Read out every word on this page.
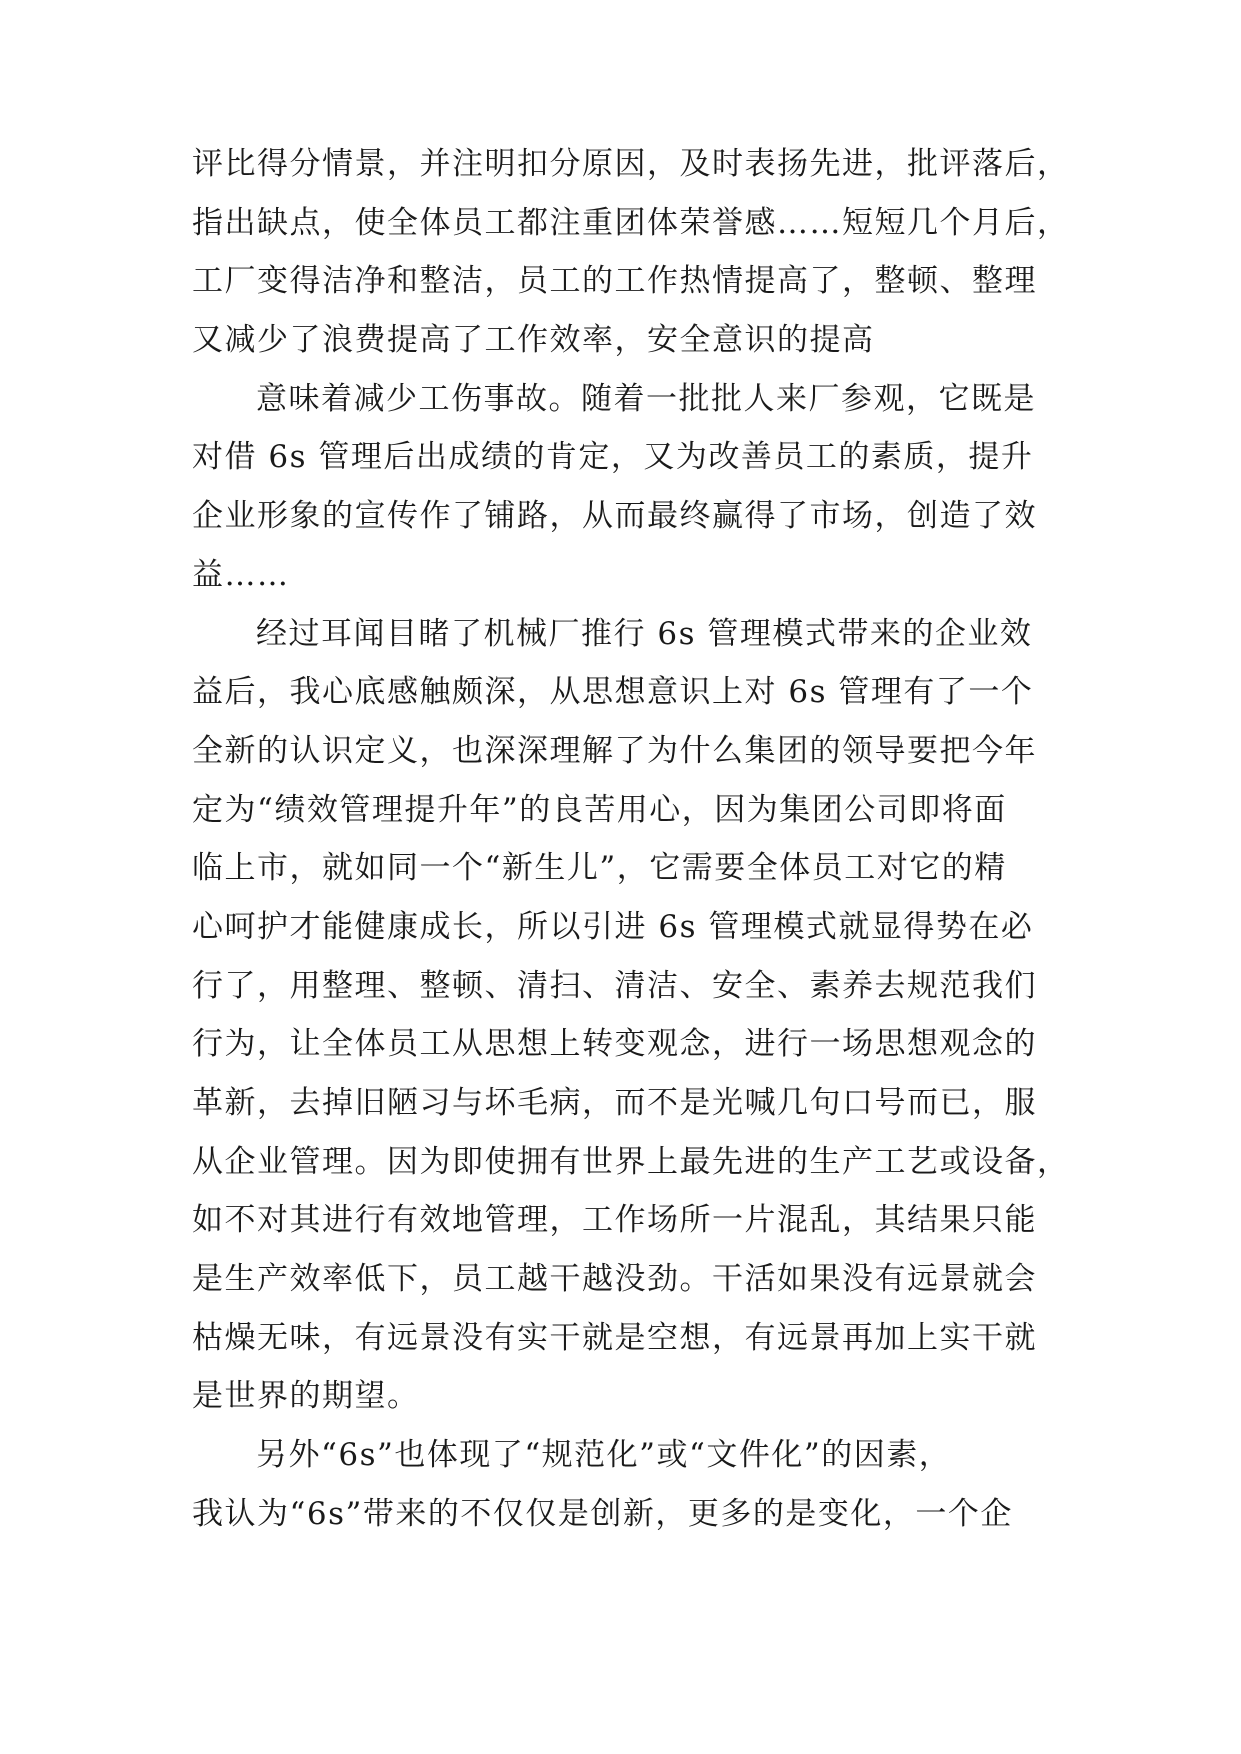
评比得分情景，并注明扣分原因，及时表扬先进，批评落后，
指出缺点，使全体员工都注重团体荣誉感……短短几个月后，
工厂变得洁净和整洁，员工的工作热情提高了，整顿、整理
又减少了浪费提高了工作效率，安全意识的提高
意味着减少工伤事故。随着一批批人来厂参观，它既是
对借 6s 管理后出成绩的肯定，又为改善员工的素质，提升
企业形象的宣传作了铺路，从而最终赢得了市场，创造了效
益……
经过耳闻目睹了机械厂推行 6s 管理模式带来的企业效
益后，我心底感触颇深，从思想意识上对 6s 管理有了一个
全新的认识定义，也深深理解了为什么集团的领导要把今年
定为“绩效管理提升年”的良苦用心，因为集团公司即将面
临上市，就如同一个“新生儿”，它需要全体员工对它的精
心呵护才能健康成长，所以引进 6s 管理模式就显得势在必
行了，用整理、整顿、清扫、清洁、安全、素养去规范我们
行为，让全体员工从思想上转变观念，进行一场思想观念的
革新，去掉旧陋习与坏毛病，而不是光喊几句口号而已，服
从企业管理。因为即使拥有世界上最先进的生产工艺或设备，
如不对其进行有效地管理，工作场所一片混乱，其结果只能
是生产效率低下，员工越干越没劲。干活如果没有远景就会
枯燥无味，有远景没有实干就是空想，有远景再加上实干就
是世界的期望。
另外“6s”也体现了“规范化”或“文件化”的因素，
我认为“6s”带来的不仅仅是创新，更多的是变化，一个企
